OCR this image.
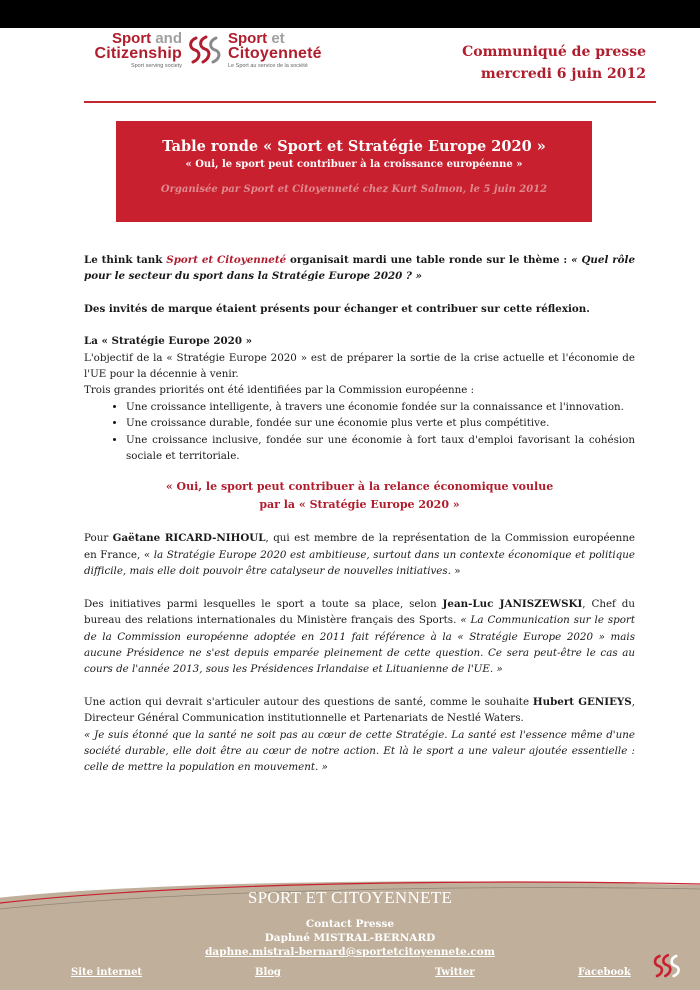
Sport and
Citizenship
Sport serving society
Sport et
Citoyenneté
Le Sport au service de la société
Communiqué de presse
mercredi 6 juin 2012
Table ronde « Sport et Stratégie Europe 2020 »
« Oui, le sport peut contribuer à la croissance européenne »
Organisée par Sport et Citoyenneté chez Kurt Salmon, le 5 juin 2012

Le think tank Sport et Citoyenneté organisait mardi une table ronde sur le thème : « Quel rôle pour le secteur du sport dans la Stratégie Europe 2020 ? »

Des invités de marque étaient présents pour échanger et contribuer sur cette réflexion.

La « Stratégie Europe 2020 »

L'objectif de la « Stratégie Europe 2020 » est de préparer la sortie de la crise actuelle et l'économie de l'UE pour la décennie à venir.

Trois grandes priorités ont été identifiées par la Commission européenne :

• Une croissance intelligente, à travers une économie fondée sur la connaissance et l'innovation.
• Une croissance durable, fondée sur une économie plus verte et plus compétitive.
• Une croissance inclusive, fondée sur une économie à fort taux d'emploi favorisant la cohésion sociale et territoriale.
« Oui, le sport peut contribuer à la relance économique voulue
par la « Stratégie Europe 2020 »

Pour Gaëtane RICARD-NIHOUL, qui est membre de la représentation de la Commission européenne en France, « la Stratégie Europe 2020 est ambitieuse, surtout dans un contexte économique et politique difficile, mais elle doit pouvoir être catalyseur de nouvelles initiatives. »

Des initiatives parmi lesquelles le sport a toute sa place, selon Jean-Luc JANISZEWSKI, Chef du bureau des relations internationales du Ministère français des Sports. « La Communication sur le sport de la Commission européenne adoptée en 2011 fait référence à la « Stratégie Europe 2020 » mais aucune Présidence ne s'est depuis emparée pleinement de cette question. Ce sera peut-être le cas au cours de l'année 2013, sous les Présidences Irlandaise et Lituanienne de l'UE. »

Une action qui devrait s'articuler autour des questions de santé, comme le souhaite Hubert GENIEYS, Directeur Général Communication institutionnelle et Partenariats de Nestlé Waters.
« Je suis étonné que la santé ne soit pas au cœur de cette Stratégie. La santé est l'essence même d'une société durable, elle doit être au cœur de notre action. Et là le sport a une valeur ajoutée essentielle : celle de mettre la population en mouvement. »

SPORT ET CITOYENNETE
Contact Presse
Daphné MISTRAL-BERNARD
daphne.mistral-bernard@sportetcitoyennete.com
Site internet	Blog	Twitter	Facebook
